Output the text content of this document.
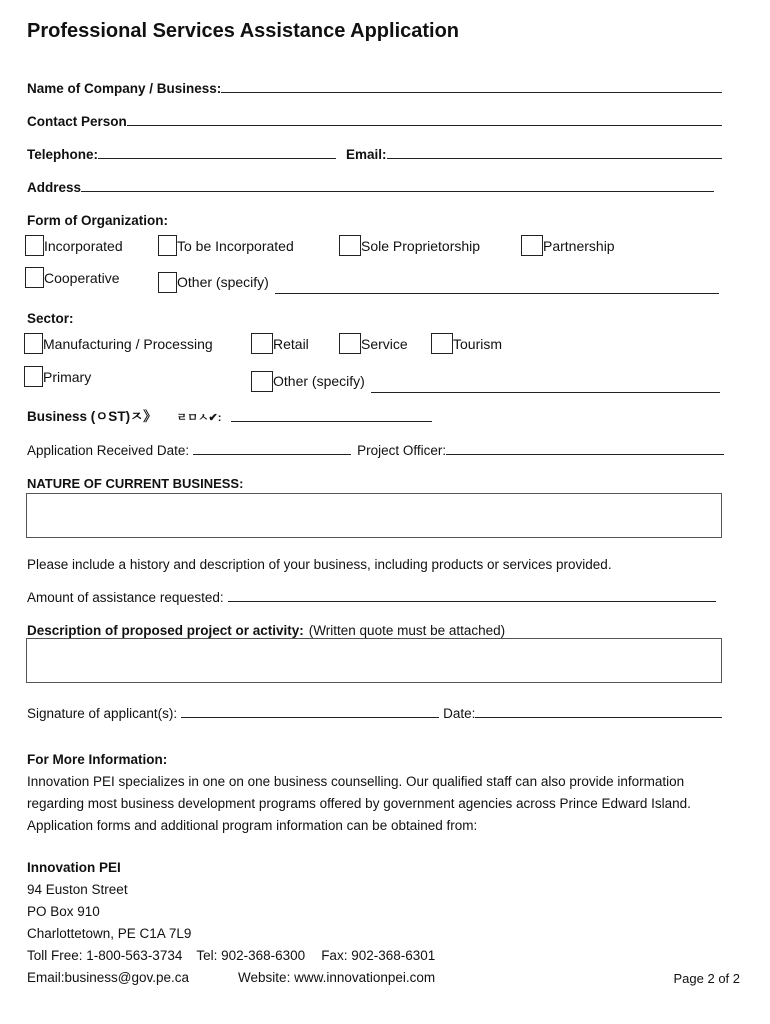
Professional Services Assistance Application
Name of Company / Business:
Contact Person
Telephone:	Email:
Address
Form of Organization:
Incorporated	To be Incorporated	Sole Proprietorship	Partnership
Cooperative	Other (specify)
Sector:
Manufacturing / Processing	Retail	Service	Tourism
Primary	Other (specify)
Business (ㅇST)ㅈ》 ㄹㅁㅅ✔:
Application Received Date:	Project Officer:
NATURE OF CURRENT BUSINESS:
Please include a history and description of your business, including products or services provided.
Amount of assistance requested:
Description of proposed project or activity: (Written quote must be attached)
Signature of applicant(s):	Date:
For More Information:
Innovation PEI specializes in one on one business counselling. Our qualified staff can also provide information
regarding most business development programs offered by government agencies across Prince Edward Island.
Application forms and additional program information can be obtained from:
Innovation PEI
94 Euston Street
PO Box 910
Charlottetown, PE C1A 7L9
Toll Free: 1-800-563-3734 Tel: 902-368-6300 Fax: 902-368-6301
Email:business@gov.pe.ca	Website: www.innovationpei.com	Page 2 of 2
